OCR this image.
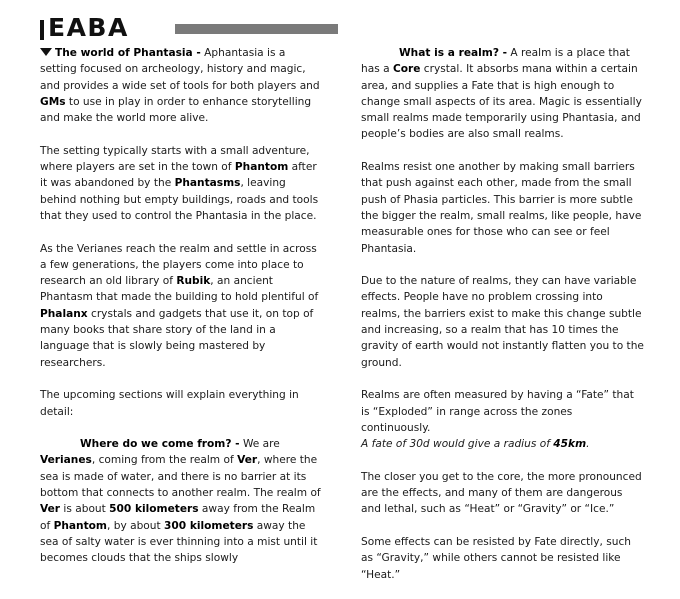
EABA

The world of Phantasia - Aphantasia is a setting focused on archeology, history and magic, and provides a wide set of tools for both players and GMs to use in play in order to enhance storytelling and make the world more alive.

The setting typically starts with a small adventure, where players are set in the town of Phantom after it was abandoned by the Phantasms, leaving behind nothing but empty buildings, roads and tools that they used to control the Phantasia in the place.

As the Verianes reach the realm and settle in across a few generations, the players come into place to research an old library of Rubik, an ancient Phantasm that made the building to hold plentiful of Phalanx crystals and gadgets that use it, on top of many books that share story of the land in a language that is slowly being mastered by researchers.

The upcoming sections will explain everything in detail:

Where do we come from? - We are Verianes, coming from the realm of Ver, where the sea is made of water, and there is no barrier at its bottom that connects to another realm. The realm of Ver is about 500 kilometers away from the Realm of Phantom, by about 300 kilometers away the sea of salty water is ever thinning into a mist until it becomes clouds that the ships slowly

What is a realm? - A realm is a place that has a Core crystal. It absorbs mana within a certain area, and supplies a Fate that is high enough to change small aspects of its area. Magic is essentially small realms made temporarily using Phantasia, and people’s bodies are also small realms.

Realms resist one another by making small barriers that push against each other, made from the small push of Phasia particles. This barrier is more subtle the bigger the realm, small realms, like people, have measurable ones for those who can see or feel Phantasia.

Due to the nature of realms, they can have variable effects. People have no problem crossing into realms, the barriers exist to make this change subtle and increasing, so a realm that has 10 times the gravity of earth would not instantly flatten you to the ground.

Realms are often measured by having a “Fate” that is “Exploded” in range across the zones continuously.
A fate of 30d would give a radius of 45km.

The closer you get to the core, the more pronounced are the effects, and many of them are dangerous and lethal, such as “Heat” or “Gravity” or “Ice.”

Some effects can be resisted by Fate directly, such as “Gravity,” while others cannot be resisted like “Heat.”
